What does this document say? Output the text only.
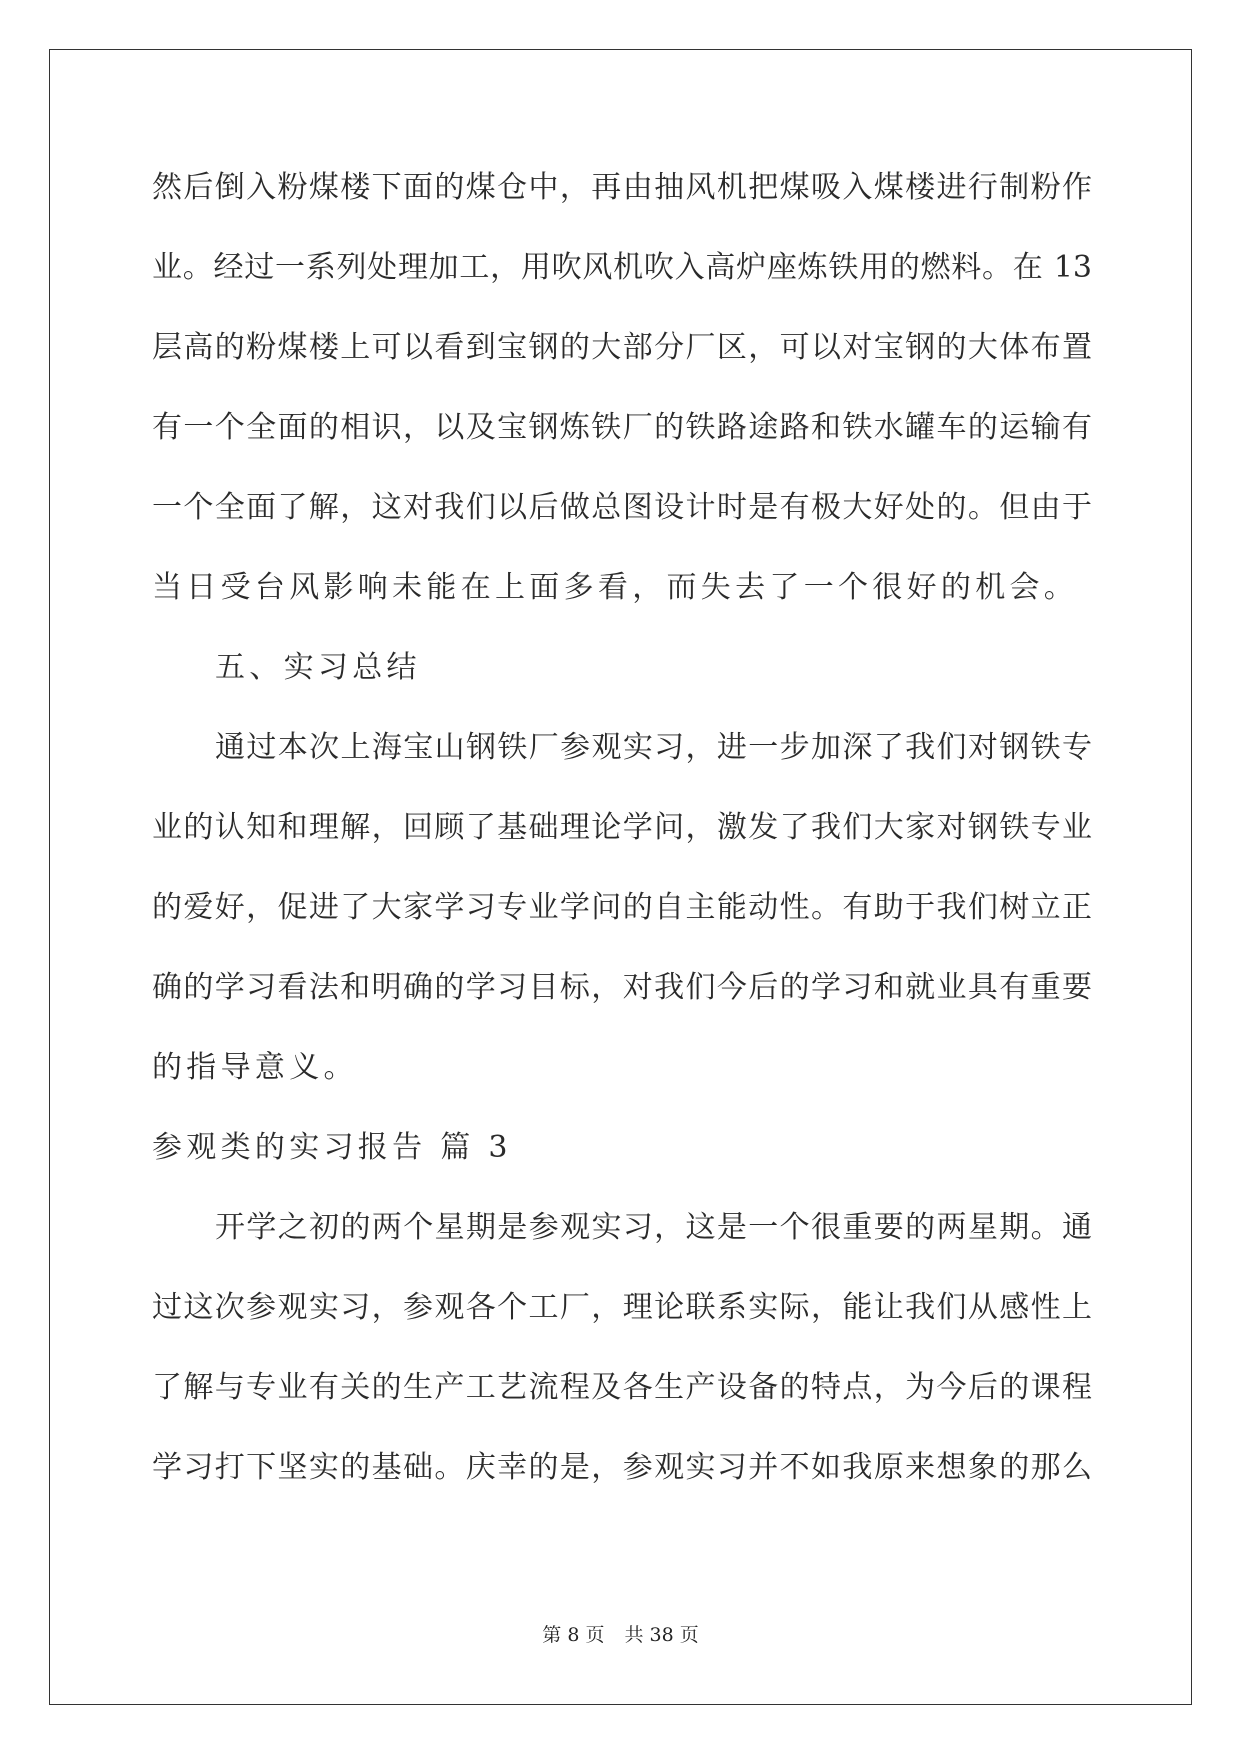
然后倒入粉煤楼下面的煤仓中，再由抽风机把煤吸入煤楼进行制粉作
业。经过一系列处理加工，用吹风机吹入高炉座炼铁用的燃料。在 13
层高的粉煤楼上可以看到宝钢的大部分厂区，可以对宝钢的大体布置
有一个全面的相识，以及宝钢炼铁厂的铁路途路和铁水罐车的运输有
一个全面了解，这对我们以后做总图设计时是有极大好处的。但由于
当日受台风影响未能在上面多看，而失去了一个很好的机会。
五、实习总结
通过本次上海宝山钢铁厂参观实习，进一步加深了我们对钢铁专
业的认知和理解，回顾了基础理论学问，激发了我们大家对钢铁专业
的爱好，促进了大家学习专业学问的自主能动性。有助于我们树立正
确的学习看法和明确的学习目标，对我们今后的学习和就业具有重要
的指导意义。
参观类的实习报告 篇 3
开学之初的两个星期是参观实习，这是一个很重要的两星期。通
过这次参观实习，参观各个工厂，理论联系实际，能让我们从感性上
了解与专业有关的生产工艺流程及各生产设备的特点，为今后的课程
学习打下坚实的基础。庆幸的是，参观实习并不如我原来想象的那么
第 8 页 共 38 页
